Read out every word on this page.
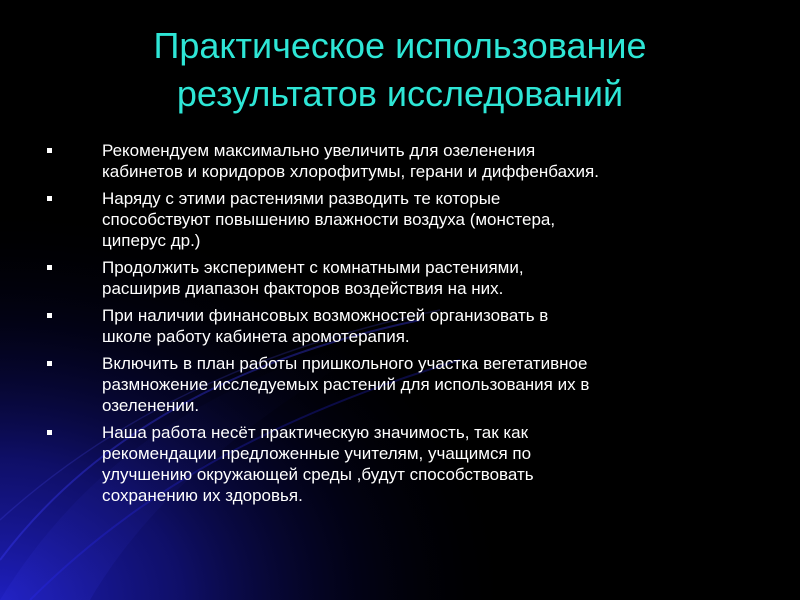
Практическое использование
результатов исследований
Рекомендуем максимально увеличить для озеленения
кабинетов и коридоров хлорофитумы, герани и диффенбахия.
Наряду с этими растениями разводить те которые
способствуют повышению влажности воздуха (монстера,
циперус др.)
Продолжить эксперимент с комнатными растениями,
расширив диапазон факторов воздействия на них.
При наличии финансовых возможностей организовать в
школе работу кабинета аромотерапия.
Включить в план работы пришкольного участка вегетативное
размножение исследуемых растений для использования их в
озеленении.
Наша работа несёт практическую значимость, так как
рекомендации предложенные учителям, учащимся по
улучшению окружающей среды ,будут способствовать
сохранению их здоровья.
